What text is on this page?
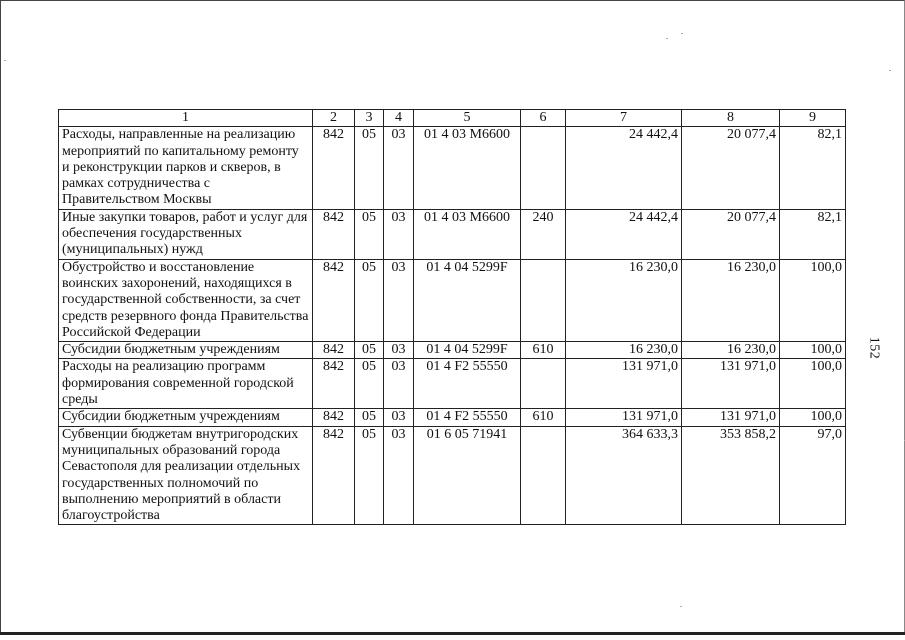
152
1	2	3	4	5	6	7	8	9
Расходы, направленные на реализацию мероприятий по капитальному ремонту и реконструкции парков и скверов, в рамках сотрудничества с Правительством Москвы	842	05	03	01 4 03 М6600		24 442,4	20 077,4	82,1
Иные закупки товаров, работ и услуг для обеспечения государственных (муниципальных) нужд	842	05	03	01 4 03 М6600	240	24 442,4	20 077,4	82,1
Обустройство и восстановление воинских захоронений, находящихся в государственной собственности, за счет средств резервного фонда Правительства Российской Федерации	842	05	03	01 4 04 5299F		16 230,0	16 230,0	100,0
Субсидии бюджетным учреждениям	842	05	03	01 4 04 5299F	610	16 230,0	16 230,0	100,0
Расходы на реализацию программ формирования современной городской среды	842	05	03	01 4 F2 55550		131 971,0	131 971,0	100,0
Субсидии бюджетным учреждениям	842	05	03	01 4 F2 55550	610	131 971,0	131 971,0	100,0
Субвенции бюджетам внутригородских муниципальных образований города Севастополя для реализации отдельных государственных полномочий по выполнению мероприятий в области благоустройства	842	05	03	01 6 05 71941		364 633,3	353 858,2	97,0
